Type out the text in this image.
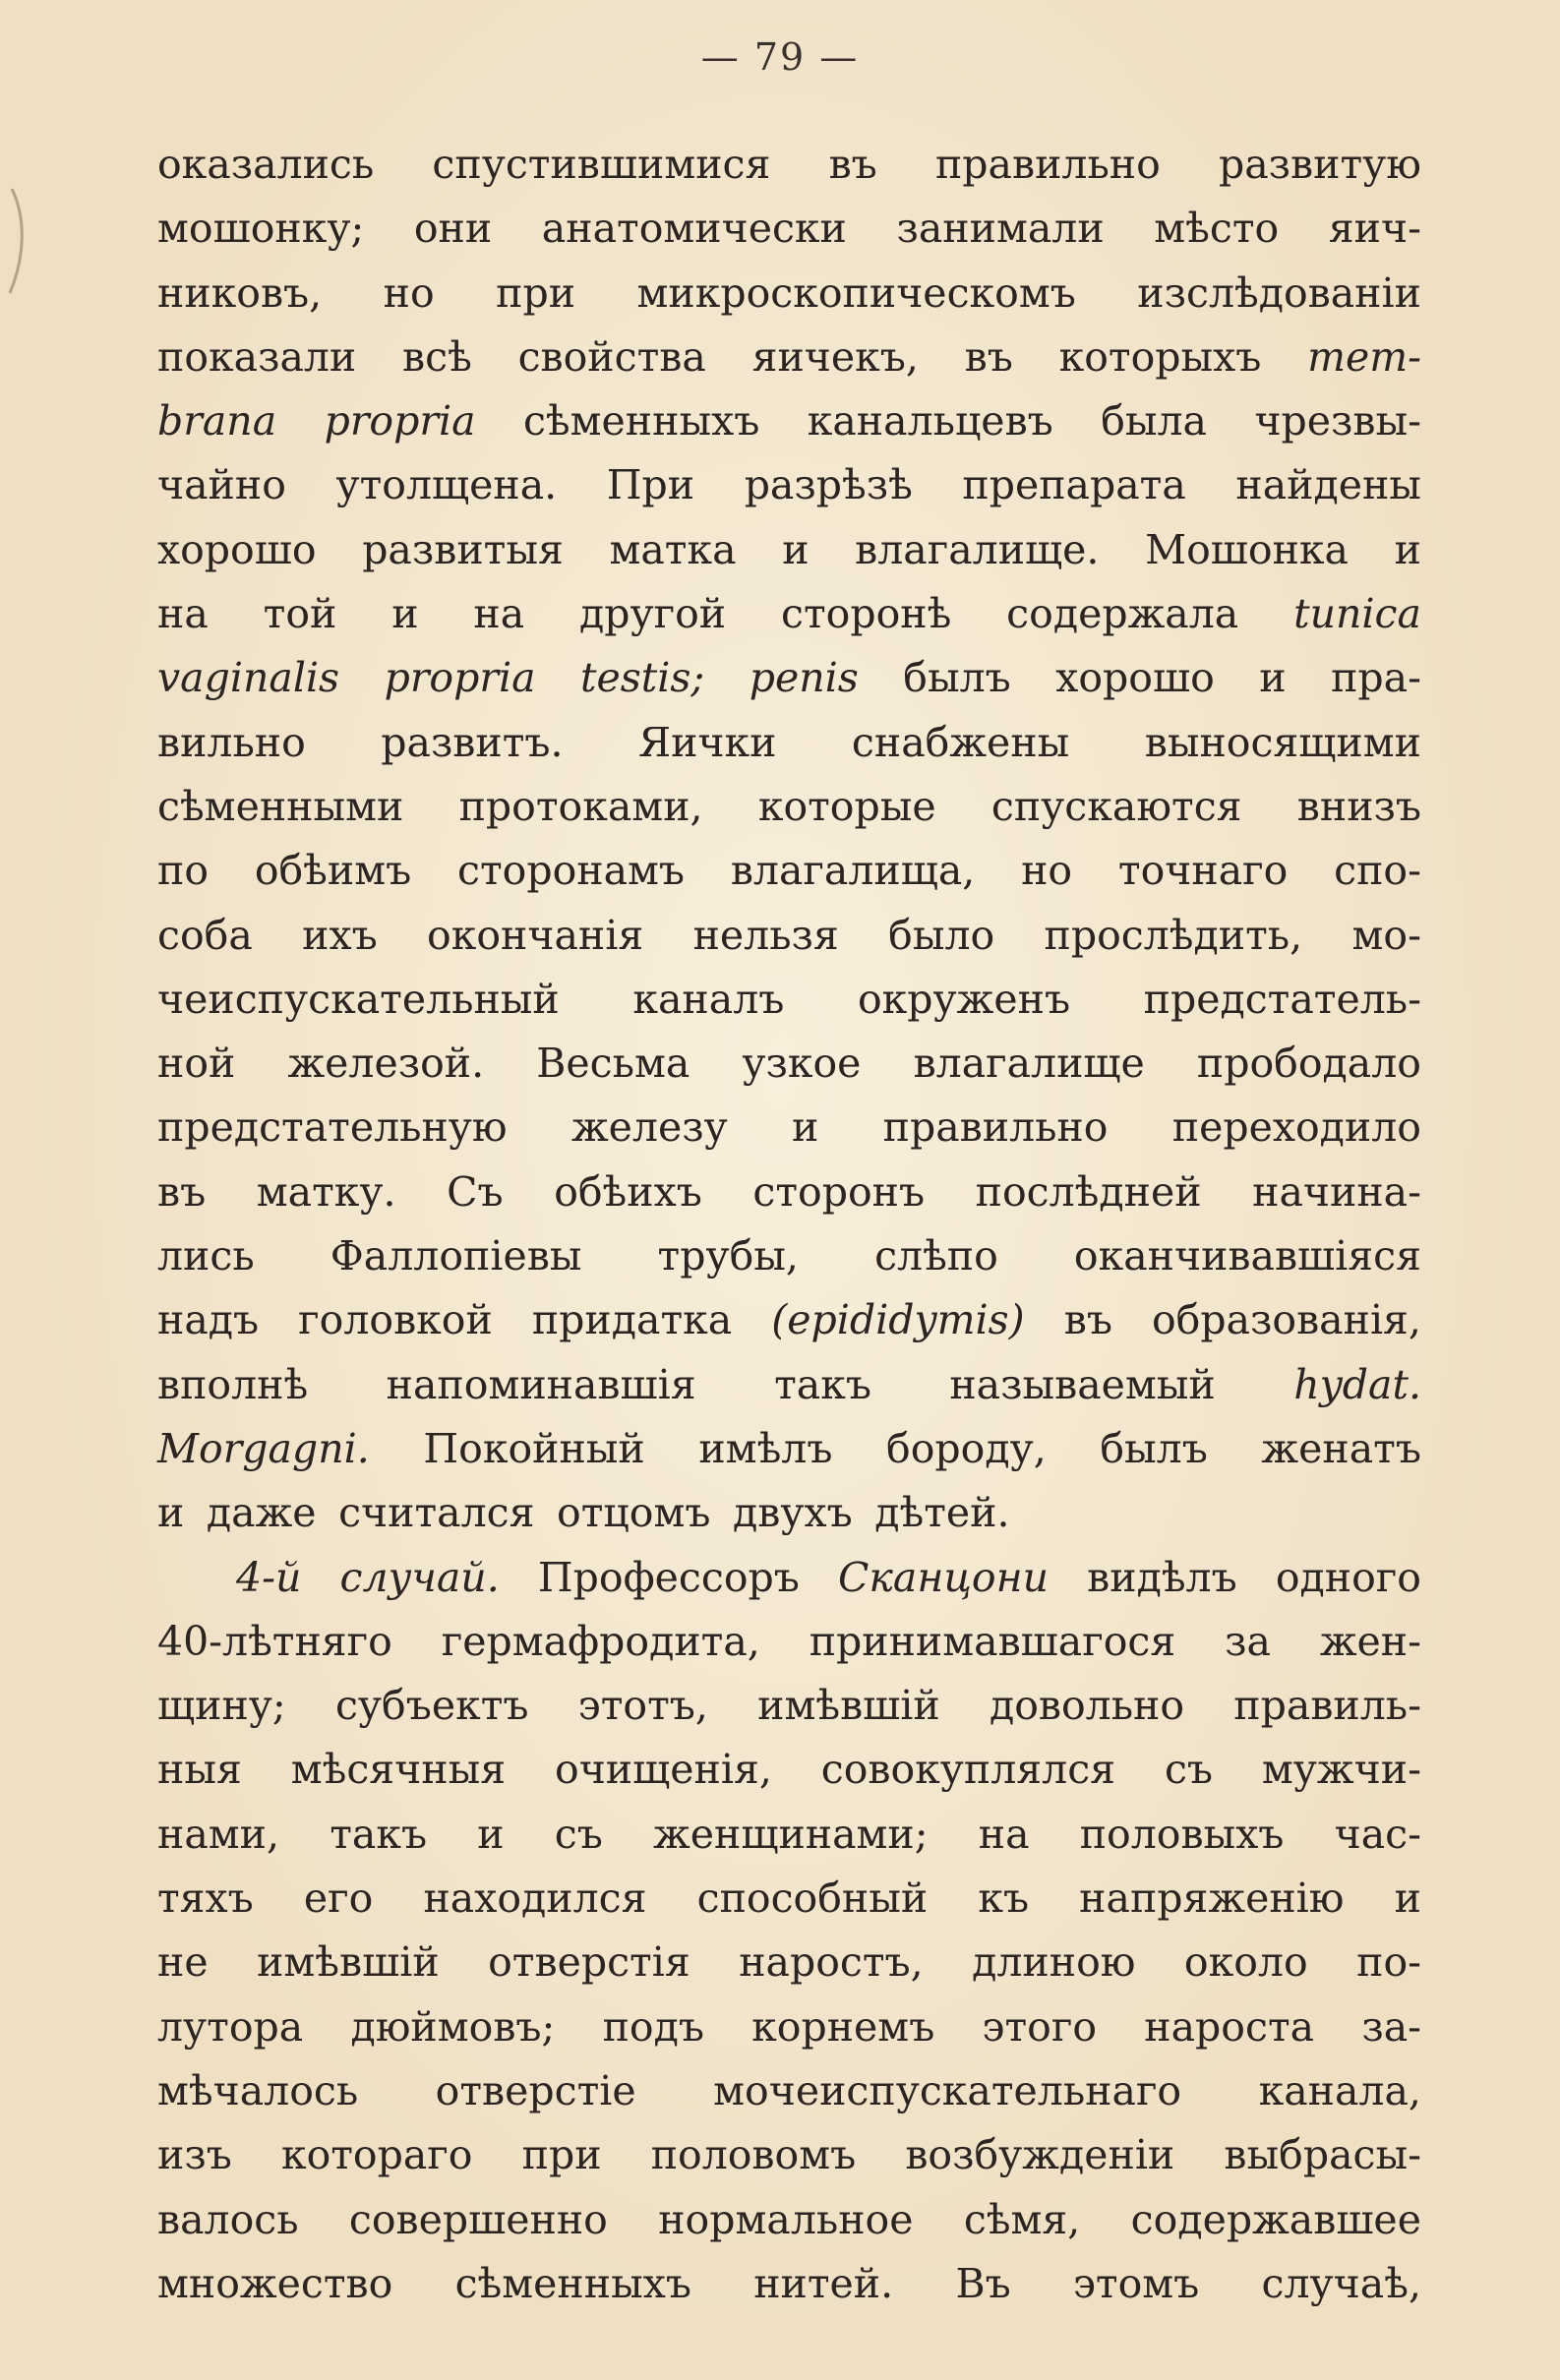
— 79 —
оказались спустившимися въ правильно развитую
мошонку; они анатомически занимали мѣсто яич-
никовъ, но при микроскопическомъ изслѣдованiи
показали всѣ свойства яичекъ, въ которыхъ mem-
brana propria сѣменныхъ канальцевъ была чрезвы-
чайно утолщена. При разрѣзѣ препарата найдены
хорошо развитыя матка и влагалище. Мошонка и
на той и на другой сторонѣ содержала tunica
vaginalis propria testis; penis былъ хорошо и пра-
вильно развитъ. Яички снабжены выносящими
сѣменными протоками, которые спускаются внизъ
по обѣимъ сторонамъ влагалища, но точнаго спо-
соба ихъ окончанiя нельзя было прослѣдить, мо-
чеиспускательный каналъ окруженъ предстатель-
ной железой. Весьма узкое влагалище прободало
предстательную железу и правильно переходило
въ матку. Съ обѣихъ сторонъ послѣдней начина-
лись Фаллопiевы трубы, слѣпо оканчивавшiяся
надъ головкой придатка (epididymis) въ образованiя,
вполнѣ напоминавшiя такъ называемый hydat.
Morgagni. Покойный имѣлъ бороду, былъ женатъ
и даже считался отцомъ двухъ дѣтей.
4-й случай. Профессоръ Сканцони видѣлъ одного
40-лѣтняго гермафродита, принимавшагося за жен-
щину; субъектъ этотъ, имѣвшiй довольно правиль-
ныя мѣсячныя очищенiя, совокуплялся съ мужчи-
нами, такъ и съ женщинами; на половыхъ час-
тяхъ его находился способный къ напряженiю и
не имѣвшiй отверстiя наростъ, длиною около по-
лутора дюймовъ; подъ корнемъ этого нароста за-
мѣчалось отверстiе мочеиспускательнаго канала,
изъ котораго при половомъ возбужденiи выбрасы-
валось совершенно нормальное сѣмя, содержавшее
множество сѣменныхъ нитей. Въ этомъ случаѣ,
